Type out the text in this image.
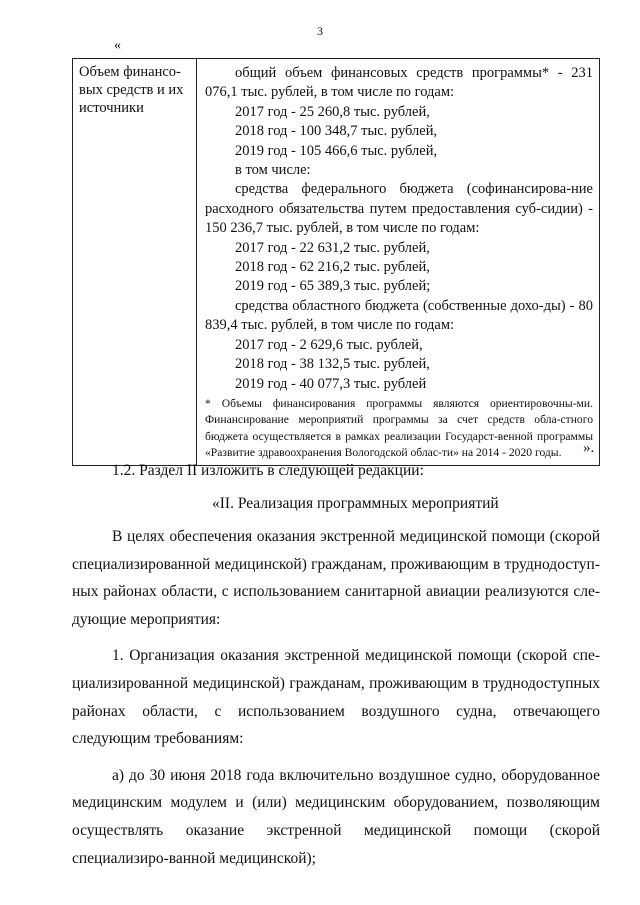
3
«
Объем финансо-вых средств и их источники	

общий объем финансовых средств программы* - 231 076,1 тыс. рублей, в том числе по годам:

2017 год - 25 260,8 тыс. рублей,

2018 год - 100 348,7 тыс. рублей,

2019 год - 105 466,6 тыс. рублей,

в том числе:

средства федерального бюджета (софинансирова-ние расходного обязательства путем предоставления суб-сидии) - 150 236,7 тыс. рублей, в том числе по годам:

2017 год - 22 631,2 тыс. рублей,

2018 год - 62 216,2 тыс. рублей,

2019 год - 65 389,3 тыс. рублей;

средства областного бюджета (собственные дохо-ды) - 80 839,4 тыс. рублей, в том числе по годам:

2017 год - 2 629,6 тыс. рублей,

2018 год - 38 132,5 тыс. рублей,

2019 год - 40 077,3 тыс. рублей

* Объемы финансирования программы являются ориентировочны-ми. Финансирование мероприятий программы за счет средств обла-стного бюджета осуществляется в рамках реализации Государст-венной программы «Развитие здравоохранения Вологодской облас-ти» на 2014 - 2020 годы.	».

1.2. Раздел II изложить в следующей редакции:

«II. Реализация программных мероприятий

В целях обеспечения оказания экстренной медицинской помощи (скорой специализированной медицинской) гражданам, проживающим в труднодоступ-ных районах области, с использованием санитарной авиации реализуются сле-дующие мероприятия:

1. Организация оказания экстренной медицинской помощи (скорой спе-циализированной медицинской) гражданам, проживающим в труднодоступных районах области, с использованием воздушного судна, отвечающего следующим требованиям:

а) до 30 июня 2018 года включительно воздушное судно, оборудованное медицинским модулем и (или) медицинским оборудованием, позволяющим осуществлять оказание экстренной медицинской помощи (скорой специализиро-ванной медицинской);
